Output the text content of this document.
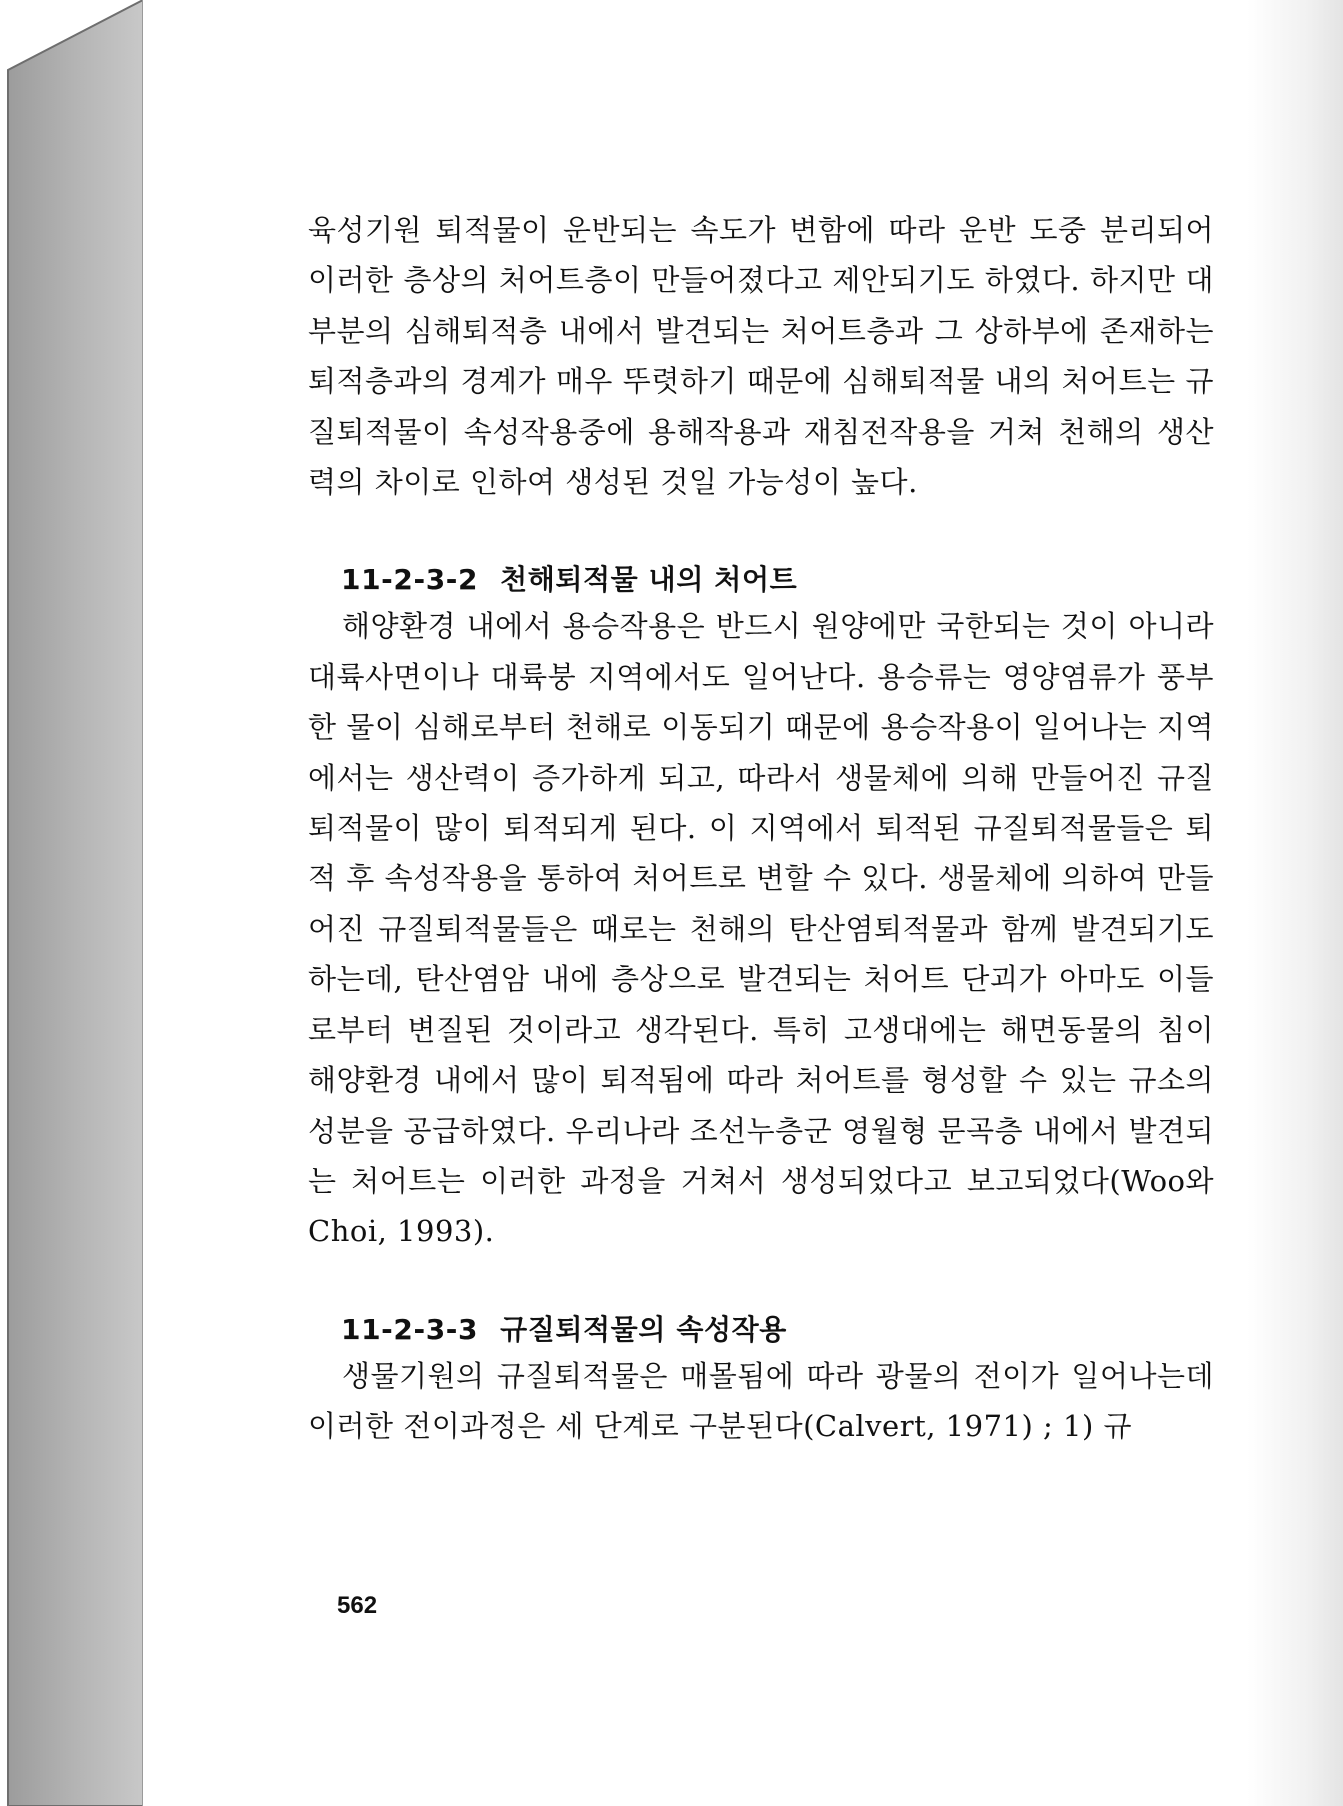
육성기원 퇴적물이 운반되는 속도가 변함에 따라 운반 도중 분리되어 이러한 층상의 처어트층이 만들어졌다고 제안되기도 하였다. 하지만 대부분의 심해퇴적층 내에서 발견되는 처어트층과 그 상하부에 존재하는 퇴적층과의 경계가 매우 뚜렷하기 때문에 심해퇴적물 내의 처어트는 규질퇴적물이 속성작용중에 용해작용과 재침전작용을 거쳐 천해의 생산력의 차이로 인하여 생성된 것일 가능성이 높다.

11-2-3-2 천해퇴적물 내의 처어트

해양환경 내에서 용승작용은 반드시 원양에만 국한되는 것이 아니라 대륙사면이나 대륙붕 지역에서도 일어난다. 용승류는 영양염류가 풍부한 물이 심해로부터 천해로 이동되기 때문에 용승작용이 일어나는 지역에서는 생산력이 증가하게 되고, 따라서 생물체에 의해 만들어진 규질퇴적물이 많이 퇴적되게 된다. 이 지역에서 퇴적된 규질퇴적물들은 퇴적 후 속성작용을 통하여 처어트로 변할 수 있다. 생물체에 의하여 만들어진 규질퇴적물들은 때로는 천해의 탄산염퇴적물과 함께 발견되기도 하는데, 탄산염암 내에 층상으로 발견되는 처어트 단괴가 아마도 이들로부터 변질된 것이라고 생각된다. 특히 고생대에는 해면동물의 침이 해양환경 내에서 많이 퇴적됨에 따라 처어트를 형성할 수 있는 규소의 성분을 공급하였다. 우리나라 조선누층군 영월형 문곡층 내에서 발견되는 처어트는 이러한 과정을 거쳐서 생성되었다고 보고되었다(Woo와 Choi, 1993).

11-2-3-3 규질퇴적물의 속성작용

생물기원의 규질퇴적물은 매몰됨에 따라 광물의 전이가 일어나는데 이러한 전이과정은 세 단계로 구분된다(Calvert, 1971) ; 1) 규

562
